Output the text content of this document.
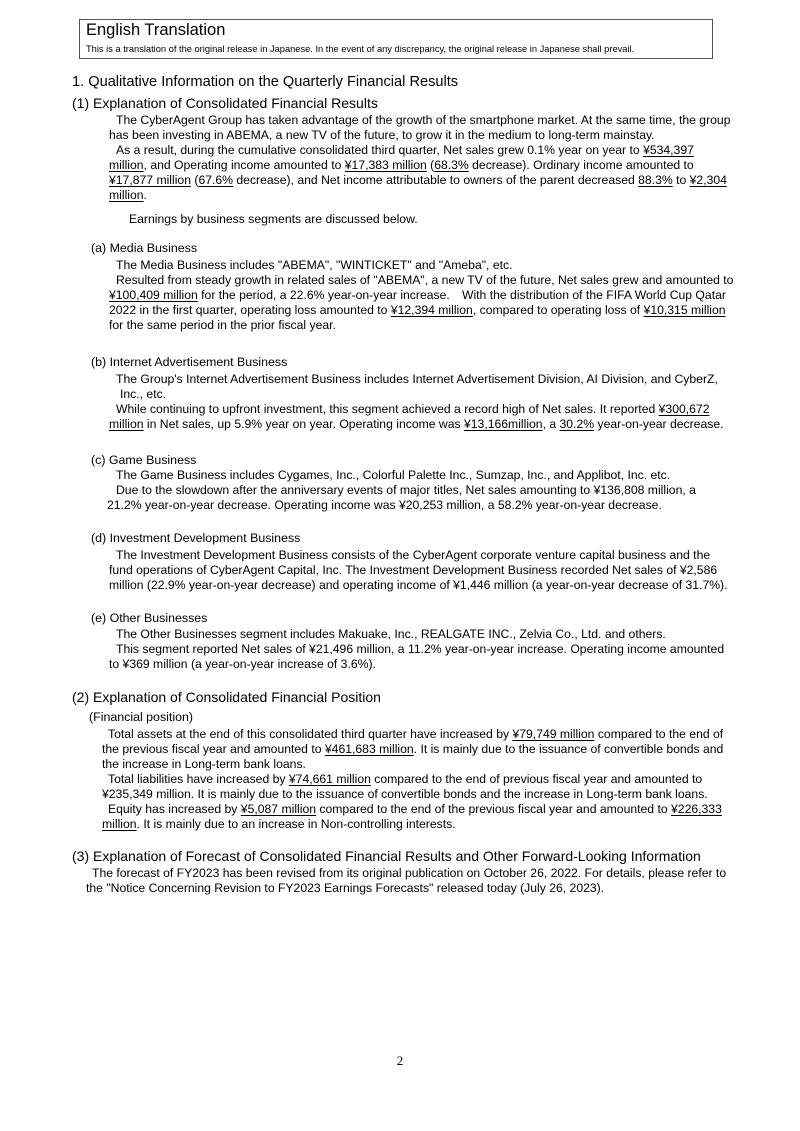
English Translation
This is a translation of the original release in Japanese. In the event of any discrepancy, the original release in Japanese shall prevail.
1. Qualitative Information on the Quarterly Financial Results
(1) Explanation of Consolidated Financial Results
The CyberAgent Group has taken advantage of the growth of the smartphone market. At the same time, the group
has been investing in ABEMA, a new TV of the future, to grow it in the medium to long-term mainstay.
As a result, during the cumulative consolidated third quarter, Net sales grew 0.1% year on year to ¥534,397
million, and Operating income amounted to ¥17,383 million (68.3% decrease). Ordinary income amounted to
¥17,877 million (67.6% decrease), and Net income attributable to owners of the parent decreased 88.3% to ¥2,304
million.
Earnings by business segments are discussed below.
(a) Media Business
The Media Business includes "ABEMA", "WINTICKET" and "Ameba", etc.
Resulted from steady growth in related sales of "ABEMA", a new TV of the future, Net sales grew and amounted to
¥100,409 million for the period, a 22.6% year-on-year increase.　With the distribution of the FIFA World Cup Qatar
2022 in the first quarter, operating loss amounted to ¥12,394 million, compared to operating loss of ¥10,315 million
for the same period in the prior fiscal year.
(b) Internet Advertisement Business
The Group's Internet Advertisement Business includes Internet Advertisement Division, AI Division, and CyberZ,
Inc., etc.
While continuing to upfront investment, this segment achieved a record high of Net sales. It reported ¥300,672
million in Net sales, up 5.9% year on year. Operating income was ¥13,166million, a 30.2% year-on-year decrease.
(c) Game Business
The Game Business includes Cygames, Inc., Colorful Palette Inc., Sumzap, Inc., and Applibot, Inc. etc.
Due to the slowdown after the anniversary events of major titles, Net sales amounting to ¥136,808 million, a
21.2% year-on-year decrease. Operating income was ¥20,253 million, a 58.2% year-on-year decrease.
(d) Investment Development Business
The Investment Development Business consists of the CyberAgent corporate venture capital business and the
fund operations of CyberAgent Capital, Inc. The Investment Development Business recorded Net sales of ¥2,586
million (22.9% year-on-year decrease) and operating income of ¥1,446 million (a year-on-year decrease of 31.7%).
(e) Other Businesses
The Other Businesses segment includes Makuake, Inc., REALGATE INC., Zelvia Co., Ltd. and others.
This segment reported Net sales of ¥21,496 million, a 11.2% year-on-year increase. Operating income amounted
to ¥369 million (a year-on-year increase of 3.6%).
(2) Explanation of Consolidated Financial Position
(Financial position)
Total assets at the end of this consolidated third quarter have increased by ¥79,749 million compared to the end of
the previous fiscal year and amounted to ¥461,683 million. It is mainly due to the issuance of convertible bonds and
the increase in Long-term bank loans.
Total liabilities have increased by ¥74,661 million compared to the end of previous fiscal year and amounted to
¥235,349 million. It is mainly due to the issuance of convertible bonds and the increase in Long-term bank loans.
Equity has increased by ¥5,087 million compared to the end of the previous fiscal year and amounted to ¥226,333
million. It is mainly due to an increase in Non-controlling interests.
(3) Explanation of Forecast of Consolidated Financial Results and Other Forward-Looking Information
The forecast of FY2023 has been revised from its original publication on October 26, 2022. For details, please refer to
the "Notice Concerning Revision to FY2023 Earnings Forecasts" released today (July 26, 2023).
2
